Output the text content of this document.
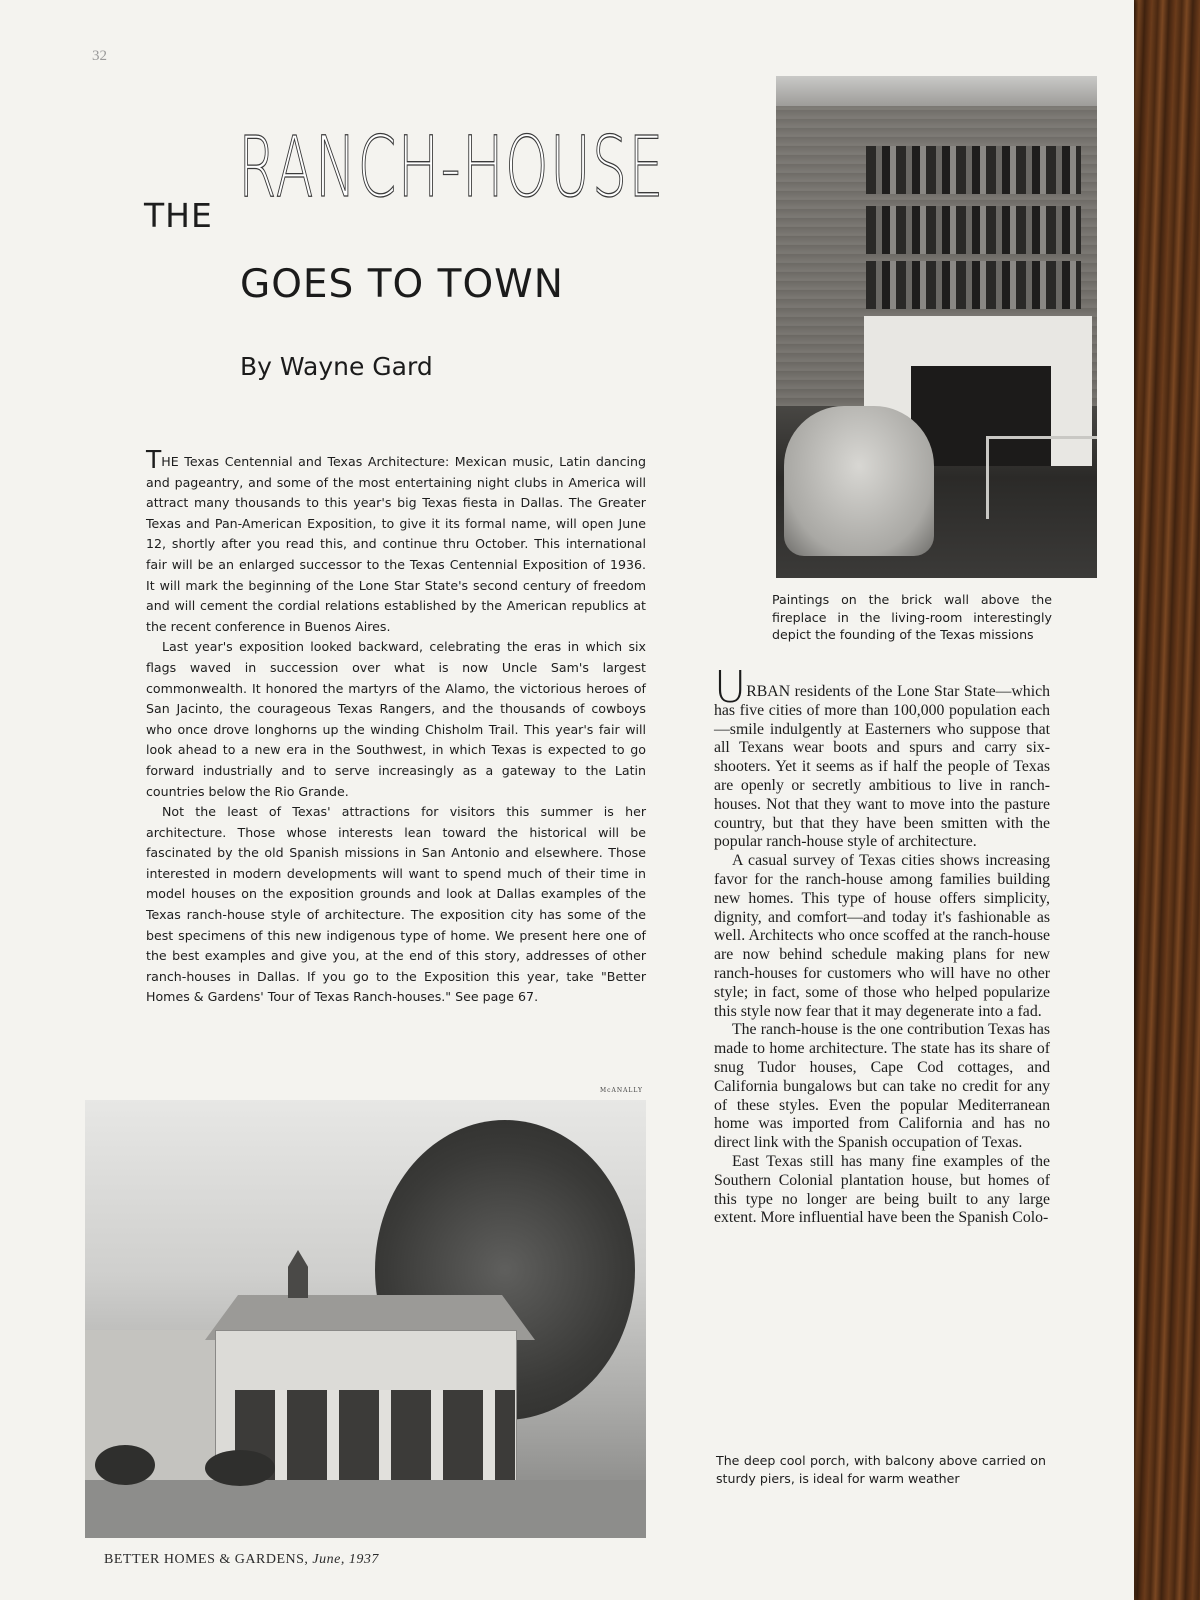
32
THE RANCH-HOUSE
GOES TO TOWN
By Wayne Gard

THE Texas Centennial and Texas Architecture: Mexican music, Latin dancing and pageantry, and some of the most entertaining night clubs in America will attract many thousands to this year's big Texas fiesta in Dallas. The Greater Texas and Pan-American Exposition, to give it its formal name, will open June 12, shortly after you read this, and continue thru October. This international fair will be an enlarged successor to the Texas Centennial Exposition of 1936. It will mark the beginning of the Lone Star State's second century of freedom and will cement the cordial relations established by the American republics at the recent conference in Buenos Aires.

Last year's exposition looked backward, celebrating the eras in which six flags waved in succession over what is now Uncle Sam's largest commonwealth. It honored the martyrs of the Alamo, the victorious heroes of San Jacinto, the courageous Texas Rangers, and the thousands of cowboys who once drove longhorns up the winding Chisholm Trail. This year's fair will look ahead to a new era in the Southwest, in which Texas is expected to go forward industrially and to serve increasingly as a gateway to the Latin countries below the Rio Grande.

Not the least of Texas' attractions for visitors this summer is her architecture. Those whose interests lean toward the historical will be fascinated by the old Spanish missions in San Antonio and elsewhere. Those interested in modern developments will want to spend much of their time in model houses on the exposition grounds and look at Dallas examples of the Texas ranch-house style of architecture. The exposition city has some of the best specimens of this new indigenous type of home. We present here one of the best examples and give you, at the end of this story, addresses of other ranch-houses in Dallas. If you go to the Exposition this year, take "Better Homes & Gardens' Tour of Texas Ranch-houses." See page 67.

Paintings on the brick wall above the fireplace in the living-room interestingly depict the founding of the Texas missions

URBAN residents of the Lone Star State—which has five cities of more than 100,000 population each—smile indulgently at Easterners who suppose that all Texans wear boots and spurs and carry six-shooters. Yet it seems as if half the people of Texas are openly or secretly ambitious to live in ranch-houses. Not that they want to move into the pasture country, but that they have been smitten with the popular ranch-house style of architecture.

A casual survey of Texas cities shows increasing favor for the ranch-house among families building new homes. This type of house offers simplicity, dignity, and comfort—and today it's fashionable as well. Architects who once scoffed at the ranch-house are now behind schedule making plans for new ranch-houses for customers who will have no other style; in fact, some of those who helped popularize this style now fear that it may degenerate into a fad.

The ranch-house is the one contribution Texas has made to home architecture. The state has its share of snug Tudor houses, Cape Cod cottages, and California bungalows but can take no credit for any of these styles. Even the popular Mediterranean home was imported from California and has no direct link with the Spanish occupation of Texas.

East Texas still has many fine examples of the Southern Colonial plantation house, but homes of this type no longer are being built to any large extent. More influential have been the Spanish Colo-

McANALLY
The deep cool porch, with balcony above carried on sturdy piers, is ideal for warm weather
BETTER HOMES & GARDENS, June, 1937
